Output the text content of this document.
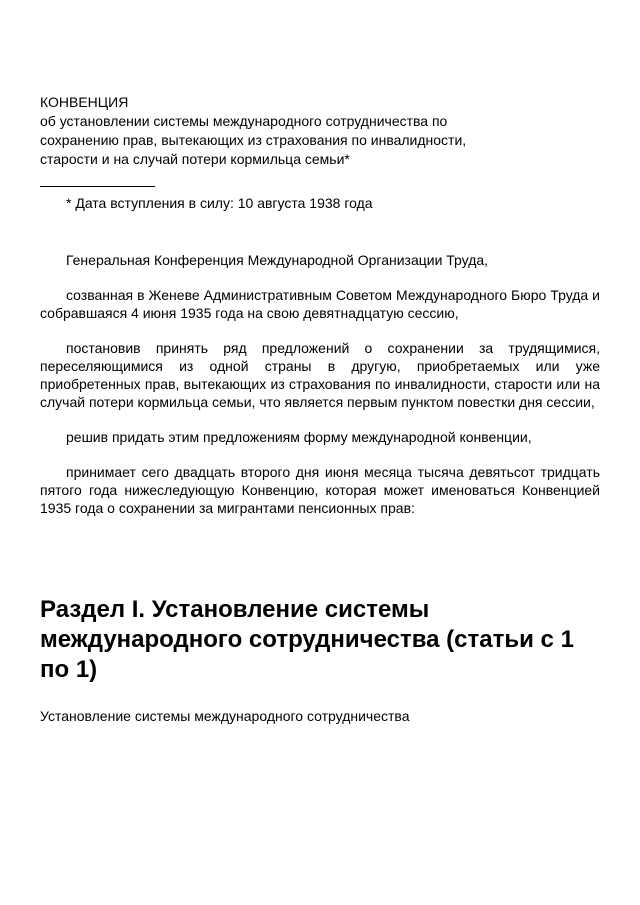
КОНВЕНЦИЯ

об установлении системы международного сотрудничества по сохранению прав, вытекающих из страхования по инвалидности, старости и на случай потери кормильца семьи*

* Дата вступления в силу: 10 августа 1938 года

Генеральная Конференция Международной Организации Труда,

созванная в Женеве Административным Советом Международного Бюро Труда и собравшаяся 4 июня 1935 года на свою девятнадцатую сессию,

постановив принять ряд предложений о сохранении за трудящимися, переселяющимися из одной страны в другую, приобретаемых или уже приобретенных прав, вытекающих из страхования по инвалидности, старости или на случай потери кормильца семьи, что является первым пунктом повестки дня сессии,

решив придать этим предложениям форму международной конвенции,

принимает сего двадцать второго дня июня месяца тысяча девятьсот тридцать пятого года нижеследующую Конвенцию, которая может именоваться Конвенцией 1935 года о сохранении за мигрантами пенсионных прав:

Раздел I. Установление системы международного сотрудничества (статьи с 1 по 1)

Установление системы международного сотрудничества
